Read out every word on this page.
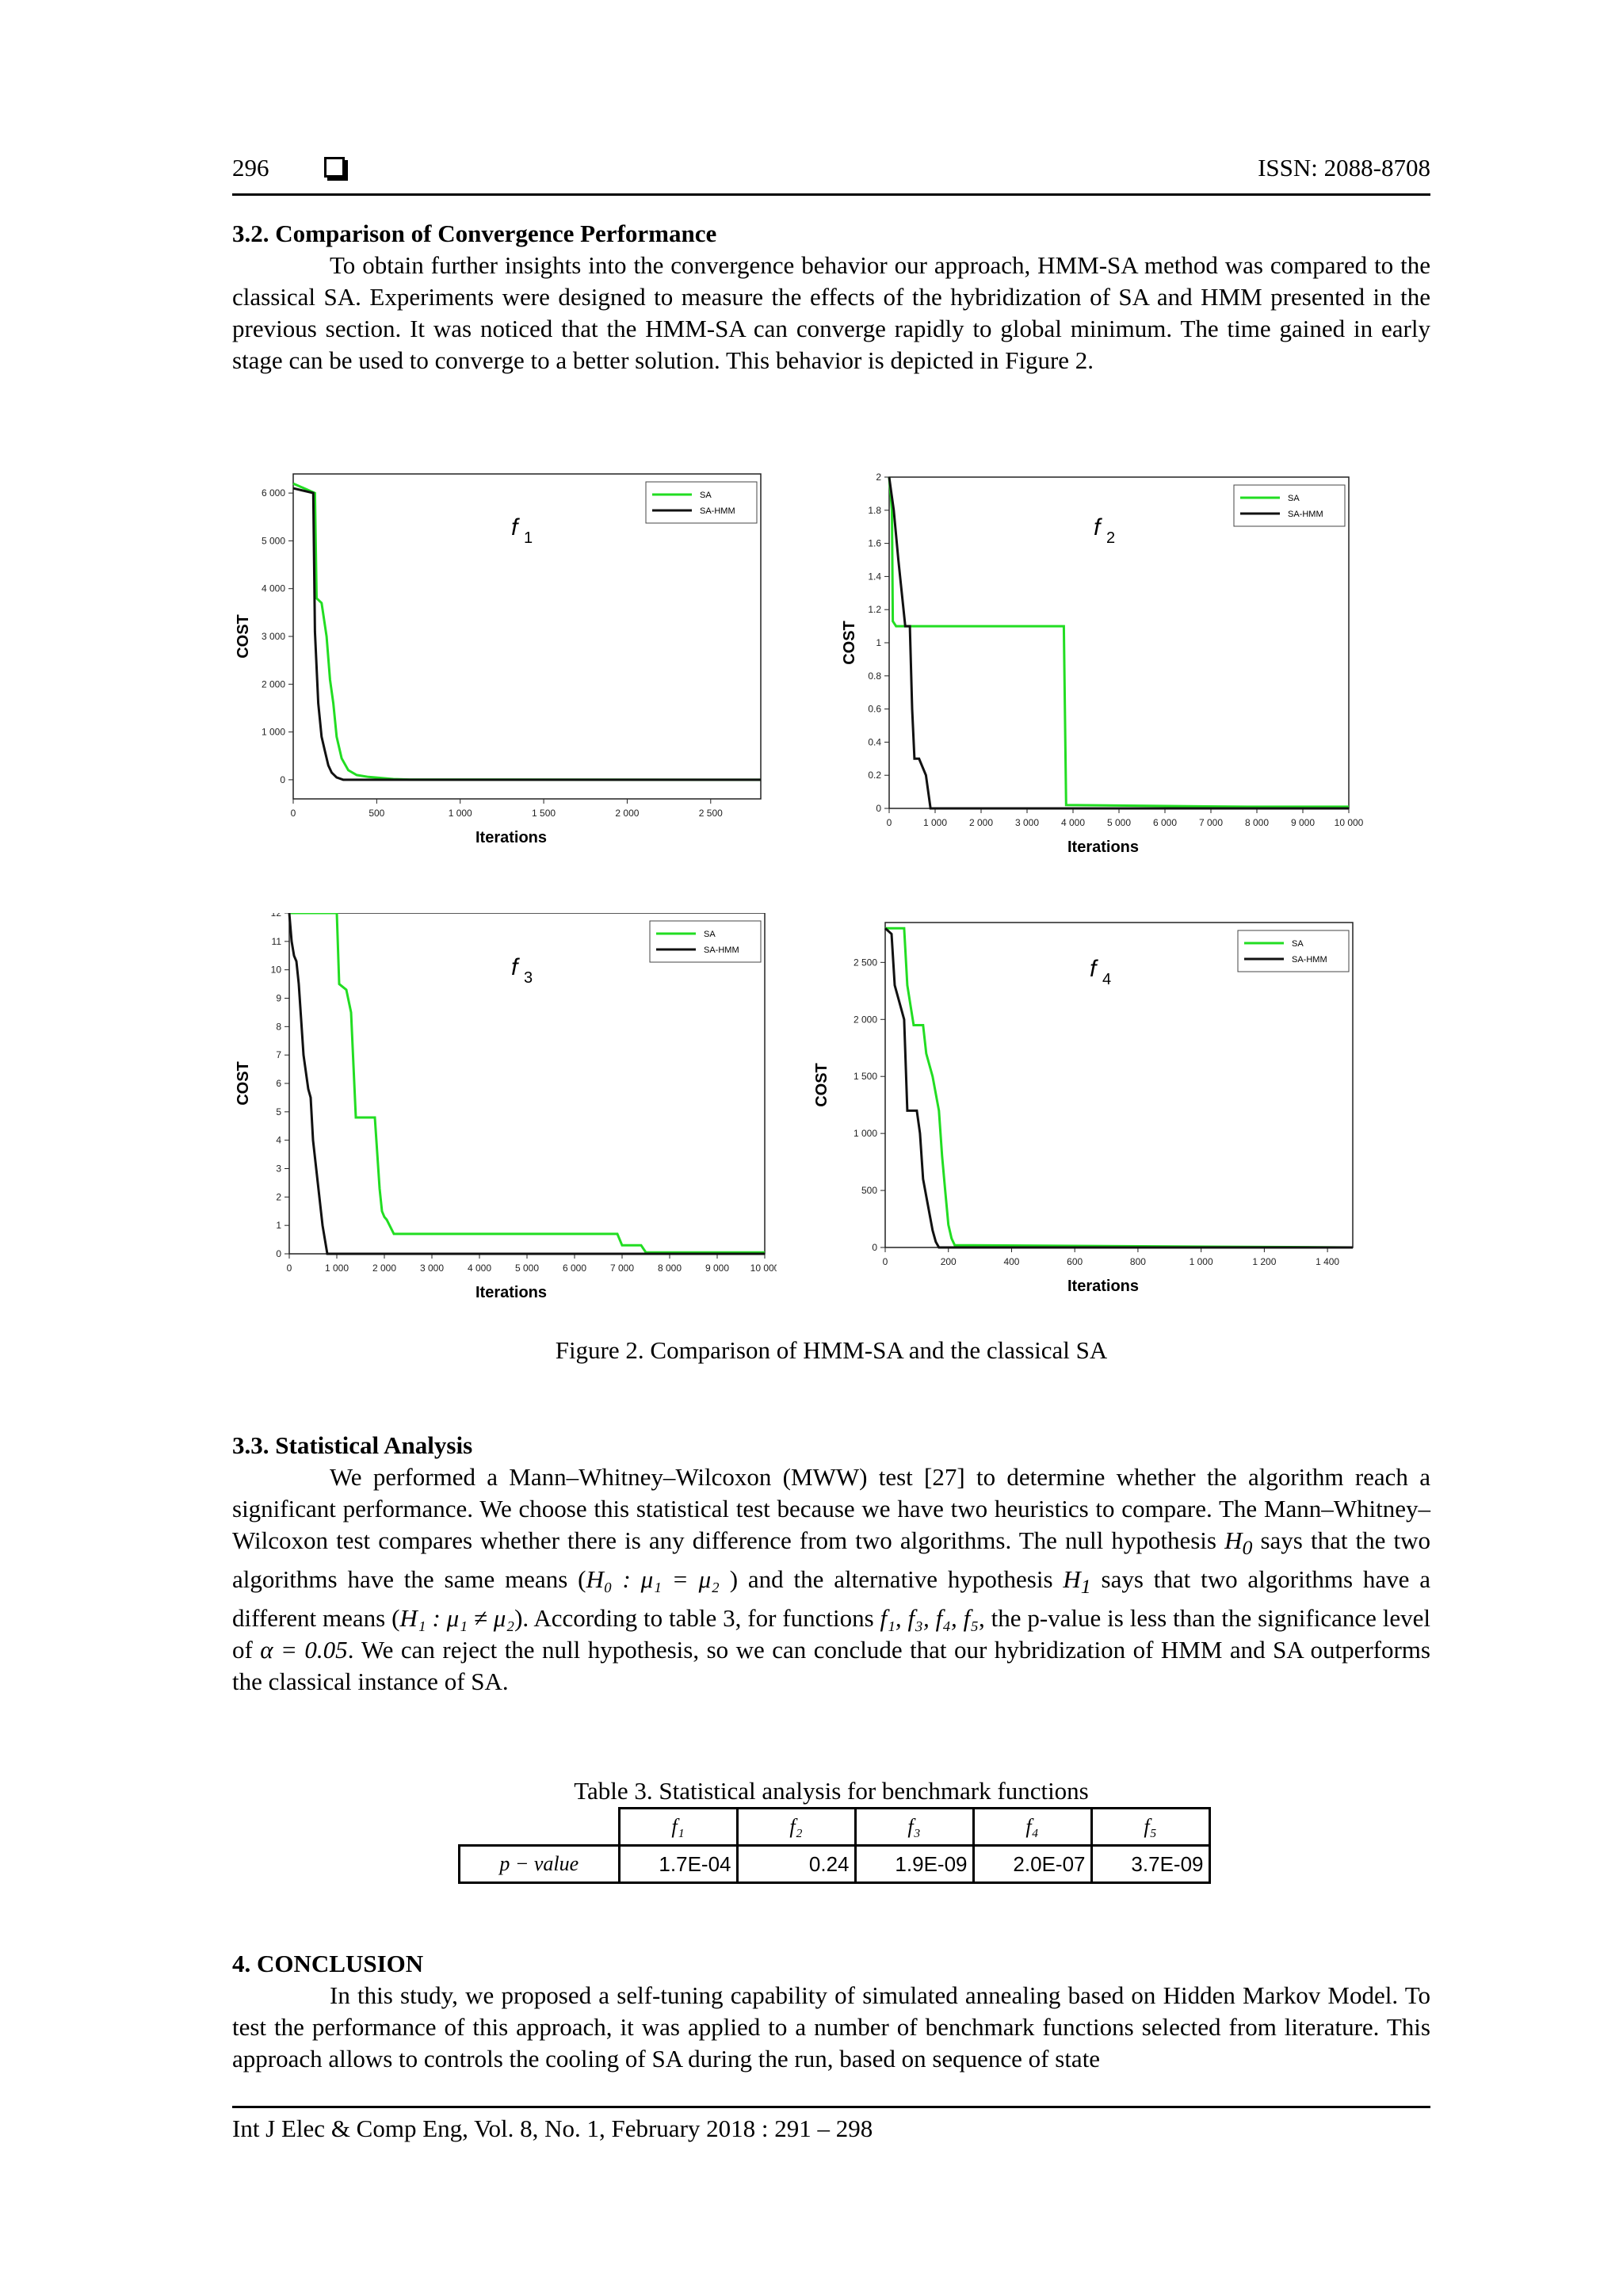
296	ISSN: 2088-8708
3.2. Comparison of Convergence Performance
To obtain further insights into the convergence behavior our approach, HMM-SA method was compared to the classical SA. Experiments were designed to measure the effects of the hybridization of SA and HMM presented in the previous section. It was noticed that the HMM-SA can converge rapidly to global minimum. The time gained in early stage can be used to converge to a better solution. This behavior is depicted in Figure 2.
0	500	1 000	1 500	2 000	2 500
0
1 000
2 000
3 000
4 000
5 000
6 000
Iterations
COST
f 1
SA
SA-HMM
0	1 000 2 000 3 000 4 000 5 000 6 000 7 000 8 000 9 000 10 000
0
0.2
0.4
0.6
0.8
1
1.2
1.4
1.6
1.8
2
Iterations
COST
f 2
SA
SA-HMM
0	1 000 2 000 3 000 4 000 5 000 6 000 7 000 8 000 9 000 10 000
0
1
2
3
4
5
6
7
8
9
10
11
12
Iterations
COST
f 3
SA
SA-HMM
0	200	400	600	800	1 000	1 200	1 400
0
500
1 000
1 500
2 000
2 500
Iterations
COST
f 4
SA
SA-HMM
Figure 2. Comparison of HMM-SA and the classical SA
3.3. Statistical Analysis
We performed a Mann–Whitney–Wilcoxon (MWW) test [27] to determine whether the algorithm reach a significant performance. We choose this statistical test because we have two heuristics to compare. The Mann–Whitney–Wilcoxon test compares whether there is any difference from two algorithms. The null hypothesis $H_0$ says that the two algorithms have the same means (H₀ : μ₁ = μ₂ ) and the alternative hypothesis $H_1$ says that two algorithms have a different means (H₁ : μ₁ ≠ μ₂). According to table 3, for functions f₁, f₃, f₄, f₅, the p-value is less than the significance level of α = 0.05. We can reject the null hypothesis, so we can conclude that our hybridization of HMM and SA outperforms the classical instance of SA.
Table 3. Statistical analysis for benchmark functions
	f₁	f₂	f₃	f₄	f₅
p − value	1.7E-04	0.24	1.9E-09	2.0E-07	3.7E-09
4. CONCLUSION
In this study, we proposed a self-tuning capability of simulated annealing based on Hidden Markov Model. To test the performance of this approach, it was applied to a number of benchmark functions selected from literature. This approach allows to controls the cooling of SA during the run, based on sequence of state
Int J Elec & Comp Eng, Vol. 8, No. 1, February 2018 : 291 – 298
